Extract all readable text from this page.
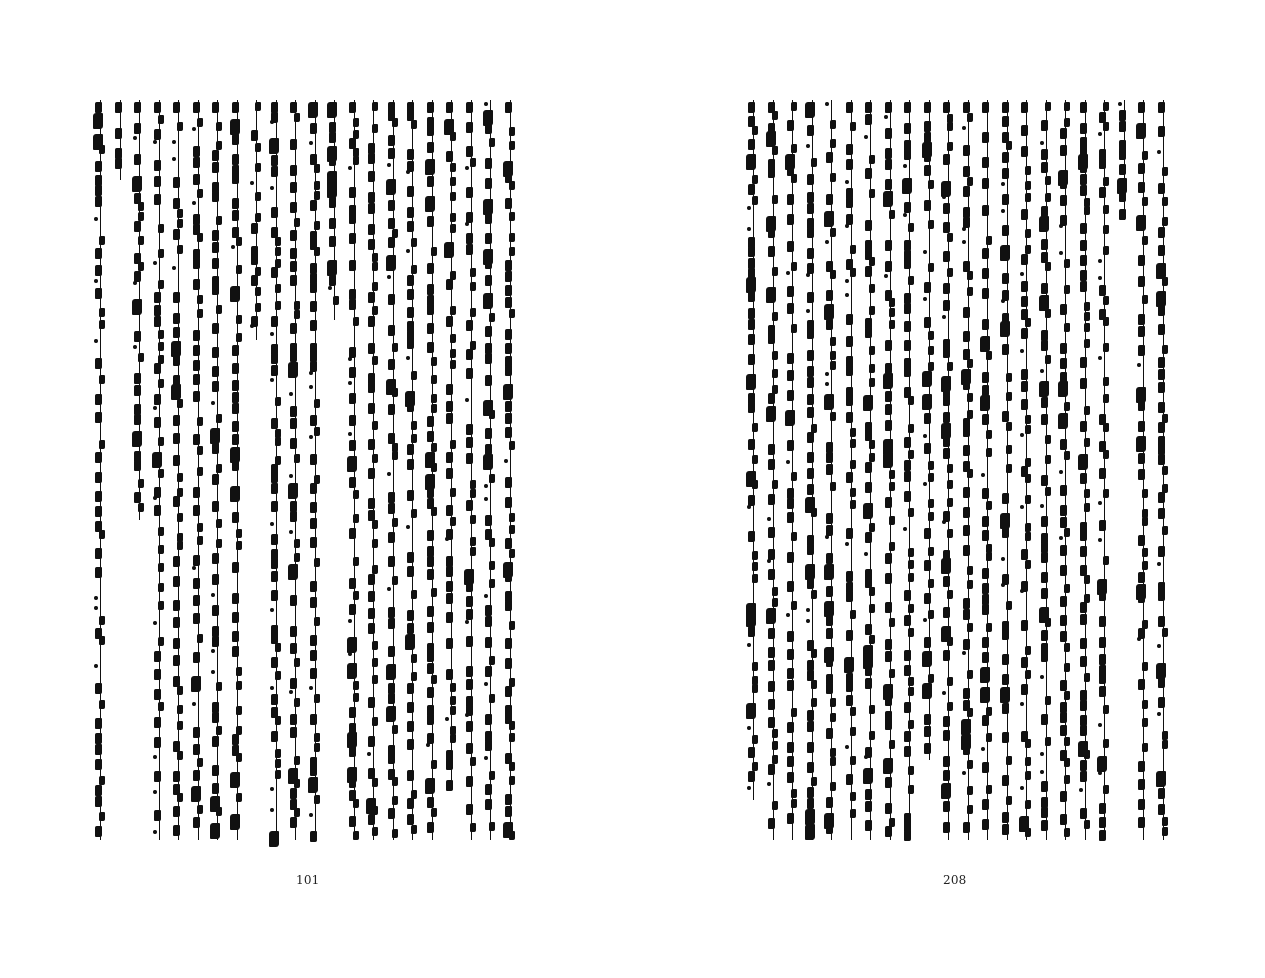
101	208
